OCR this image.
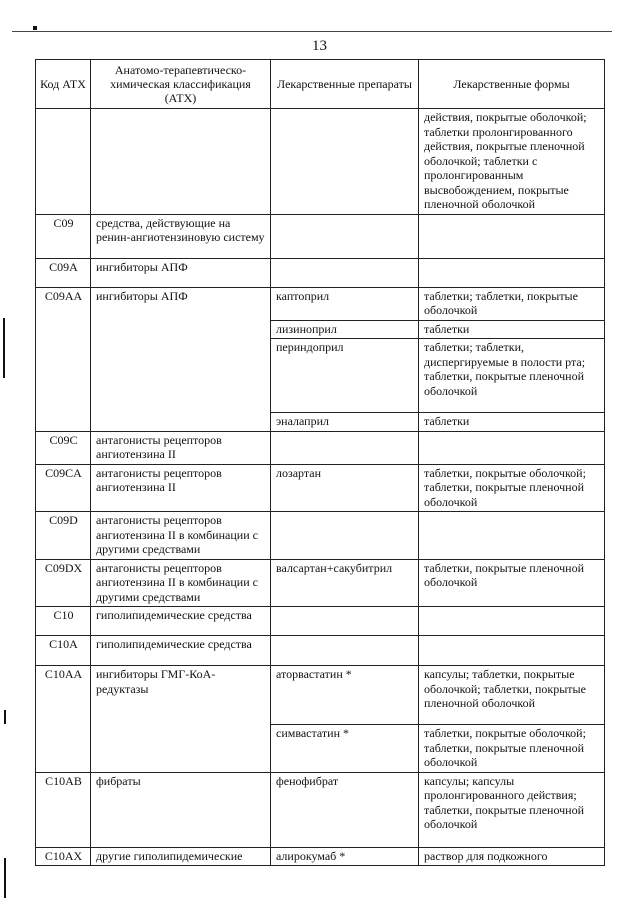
13
Код АТХ	Анатомо-терапевтическо-химическая классификация (АТХ)	Лекарственные препараты	Лекарственные формы
			действия, покрытые оболочкой; таблетки пролонгированного действия, покрытые пленочной оболочкой; таблетки с пролонгированным высвобождением, покрытые пленочной оболочкой
C09	средства, действующие на ренин-ангиотензиновую систему		
C09A	ингибиторы АПФ		
C09AA	ингибиторы АПФ	каптоприл	таблетки; таблетки, покрытые оболочкой
		лизиноприл	таблетки
		периндоприл	таблетки; таблетки, диспергируемые в полости рта; таблетки, покрытые пленочной оболочкой
		эналаприл	таблетки
C09C	антагонисты рецепторов ангиотензина II		
C09CA	антагонисты рецепторов ангиотензина II	лозартан	таблетки, покрытые оболочкой; таблетки, покрытые пленочной оболочкой
C09D	антагонисты рецепторов ангиотензина II в комбинации с другими средствами		
C09DX	антагонисты рецепторов ангиотензина II в комбинации с другими средствами	валсартан+сакубитрил	таблетки, покрытые пленочной оболочкой
C10	гиполипидемические средства		
C10A	гиполипидемические средства		
C10AA	ингибиторы ГМГ-КоА-редуктазы	аторвастатин *	капсулы; таблетки, покрытые оболочкой; таблетки, покрытые пленочной оболочкой
		симвастатин *	таблетки, покрытые оболочкой; таблетки, покрытые пленочной оболочкой
C10AB	фибраты	фенофибрат	капсулы; капсулы пролонгированного действия; таблетки, покрытые пленочной оболочкой
C10AX	другие гиполипидемические	алирокумаб *	раствор для подкожного
